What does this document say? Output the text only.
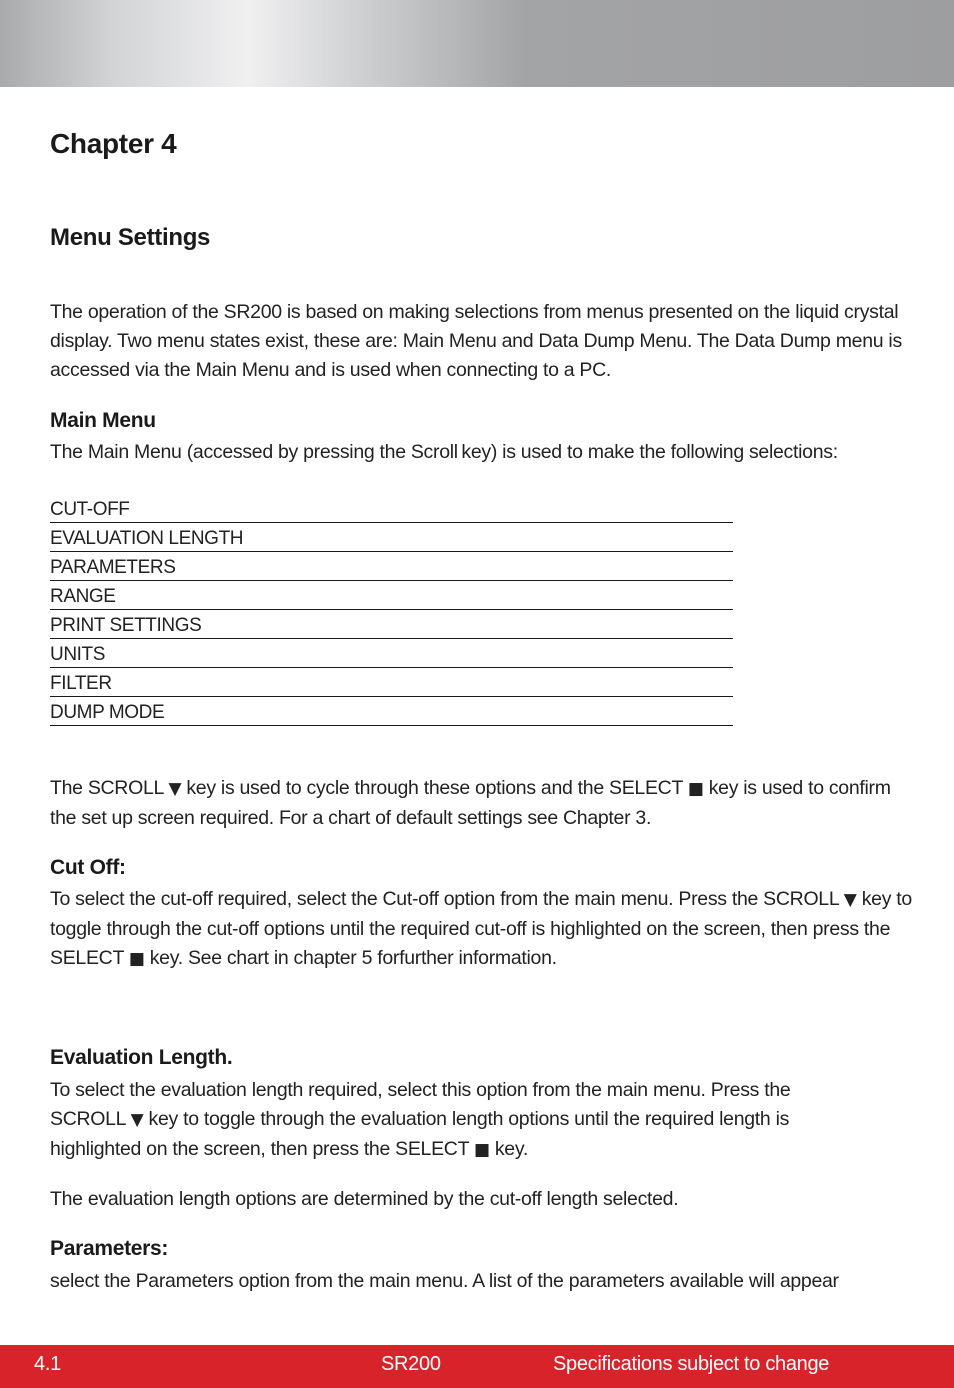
Chapter 4
Menu Settings

The operation of the SR200 is based on making selections from menus presented on the liquid crystal display. Two menu states exist, these are: Main Menu and Data Dump Menu. The Data Dump menu is accessed via the Main Menu and is used when connecting to a PC.

Main Menu

The Main Menu (accessed by pressing the Scroll key) is used to make the following selections:

CUT-OFF
EVALUATION LENGTH
PARAMETERS
RANGE
PRINT SETTINGS
UNITS
FILTER
DUMP MODE

The SCROLL ▼ key is used to cycle through these options and the SELECT ■ key is used to confirm the set up screen required. For a chart of default settings see Chapter 3.

Cut Off:

To select the cut-off required, select the Cut-off option from the main menu. Press the SCROLL ▼ key to toggle through the cut-off options until the required cut-off is highlighted on the screen, then press the SELECT ■ key. See chart in chapter 5 forfurther information.

Evaluation Length.

To select the evaluation length required, select this option from the main menu. Press the SCROLL ▼ key to toggle through the evaluation length options until the required length is highlighted on the screen, then press the SELECT ■ key.

The evaluation length options are determined by the cut-off length selected.

Parameters:

select the Parameters option from the main menu. A list of the parameters available will appear

4.1	SR200	Specifications subject to change
